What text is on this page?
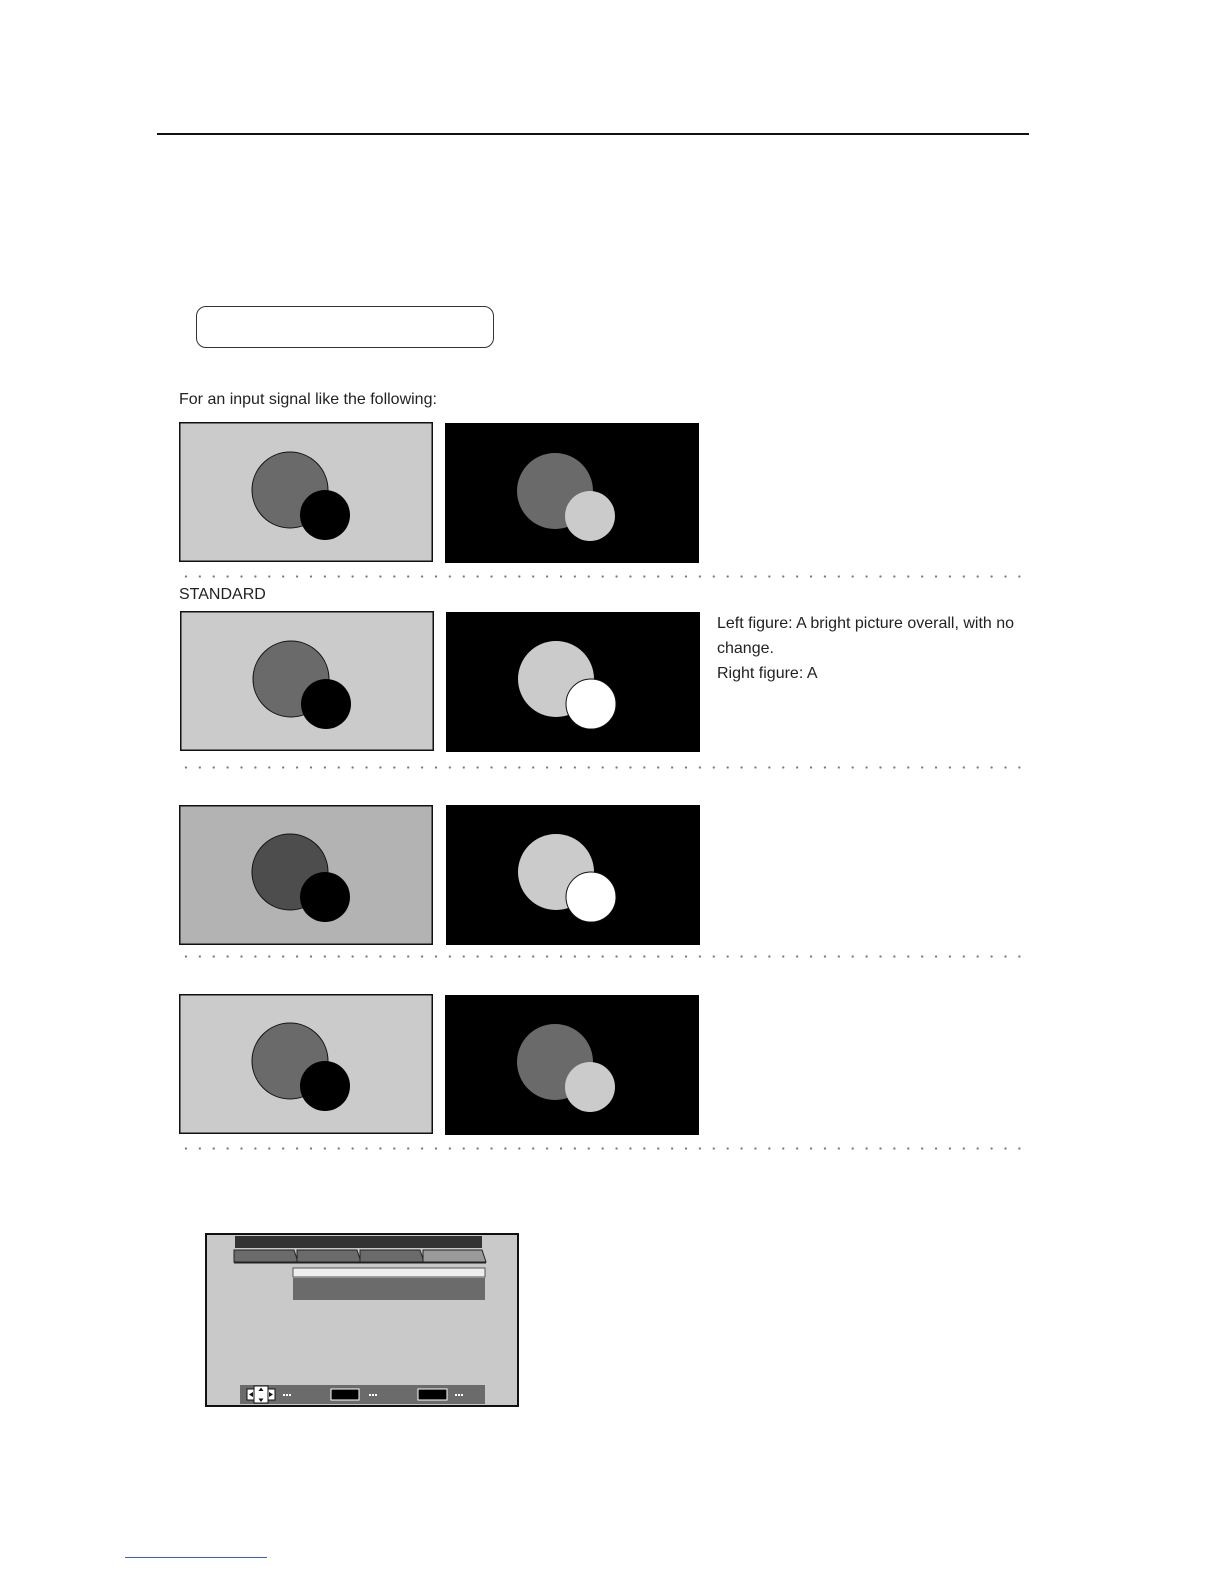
For an input signal like the following:
STANDARD
Left figure: A bright picture overall, with no
change.
Right figure: A
